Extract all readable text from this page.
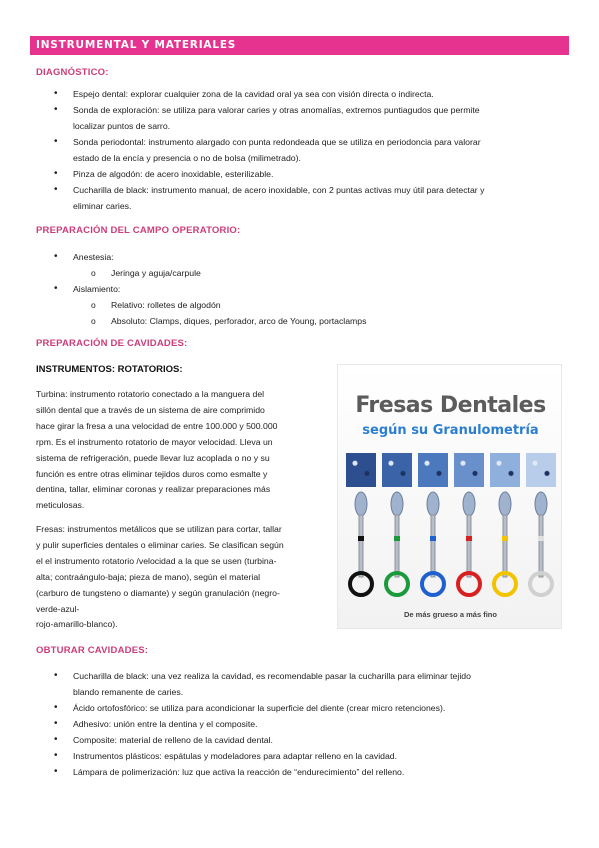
INSTRUMENTAL Y MATERIALES
DIAGNÓSTICO:
• Espejo dental: explorar cualquier zona de la cavidad oral ya sea con visión directa o indirecta.
• Sonda de exploración: se utiliza para valorar caries y otras anomalías, extremos puntiagudos que permite
localizar puntos de sarro.
• Sonda periodontal: instrumento alargado con punta redondeada que se utiliza en periodoncia para valorar
estado de la encía y presencia o no de bolsa (milimetrado).
• Pinza de algodón: de acero inoxidable, esterilizable.
• Cucharilla de black: instrumento manual, de acero inoxidable, con 2 puntas activas muy útil para detectar y
eliminar caries.
PREPARACIÓN DEL CAMPO OPERATORIO:
• Anestesia:
o Jeringa y aguja/carpule
• Aislamiento:
o Relativo: rolletes de algodón
o Absoluto: Clamps, diques, perforador, arco de Young, portaclamps
PREPARACIÓN DE CAVIDADES:
INSTRUMENTOS: ROTATORIOS:
Turbina: instrumento rotatorio conectado a la manguera del
sillón dental que a través de un sistema de aire comprimido
hace girar la fresa a una velocidad de entre 100.000 y 500.000
rpm. Es el instrumento rotatorio de mayor velocidad. Lleva un
sistema de refrigeración, puede llevar luz acoplada o no y su
función es entre otras eliminar tejidos duros como esmalte y
dentina, tallar, eliminar coronas y realizar preparaciones más
meticulosas.
Fresas: instrumentos metálicos que se utilizan para cortar, tallar
y pulir superficies dentales o eliminar caries. Se clasifican según
el el instrumento rotatorio /velocidad a la que se usen (turbina-
alta; contraángulo-baja; pieza de mano), según el material
(carburo de tungsteno o diamante) y según granulación (negro-
verde-azul-
rojo-amarillo-blanco).
Fresas Dentales
según su Granulometría
De más grueso a más fino
OBTURAR CAVIDADES:
• Cucharilla de black: una vez realiza la cavidad, es recomendable pasar la cucharilla para eliminar tejido
blando remanente de caries.
• Ácido ortofosfórico: se utiliza para acondicionar la superficie del diente (crear micro retenciones).
• Adhesivo: unión entre la dentina y el composite.
• Composite: material de relleno de la cavidad dental.
• Instrumentos plásticos: espátulas y modeladores para adaptar relleno en la cavidad.
• Lámpara de polimerización: luz que activa la reacción de “endurecimiento” del relleno.
